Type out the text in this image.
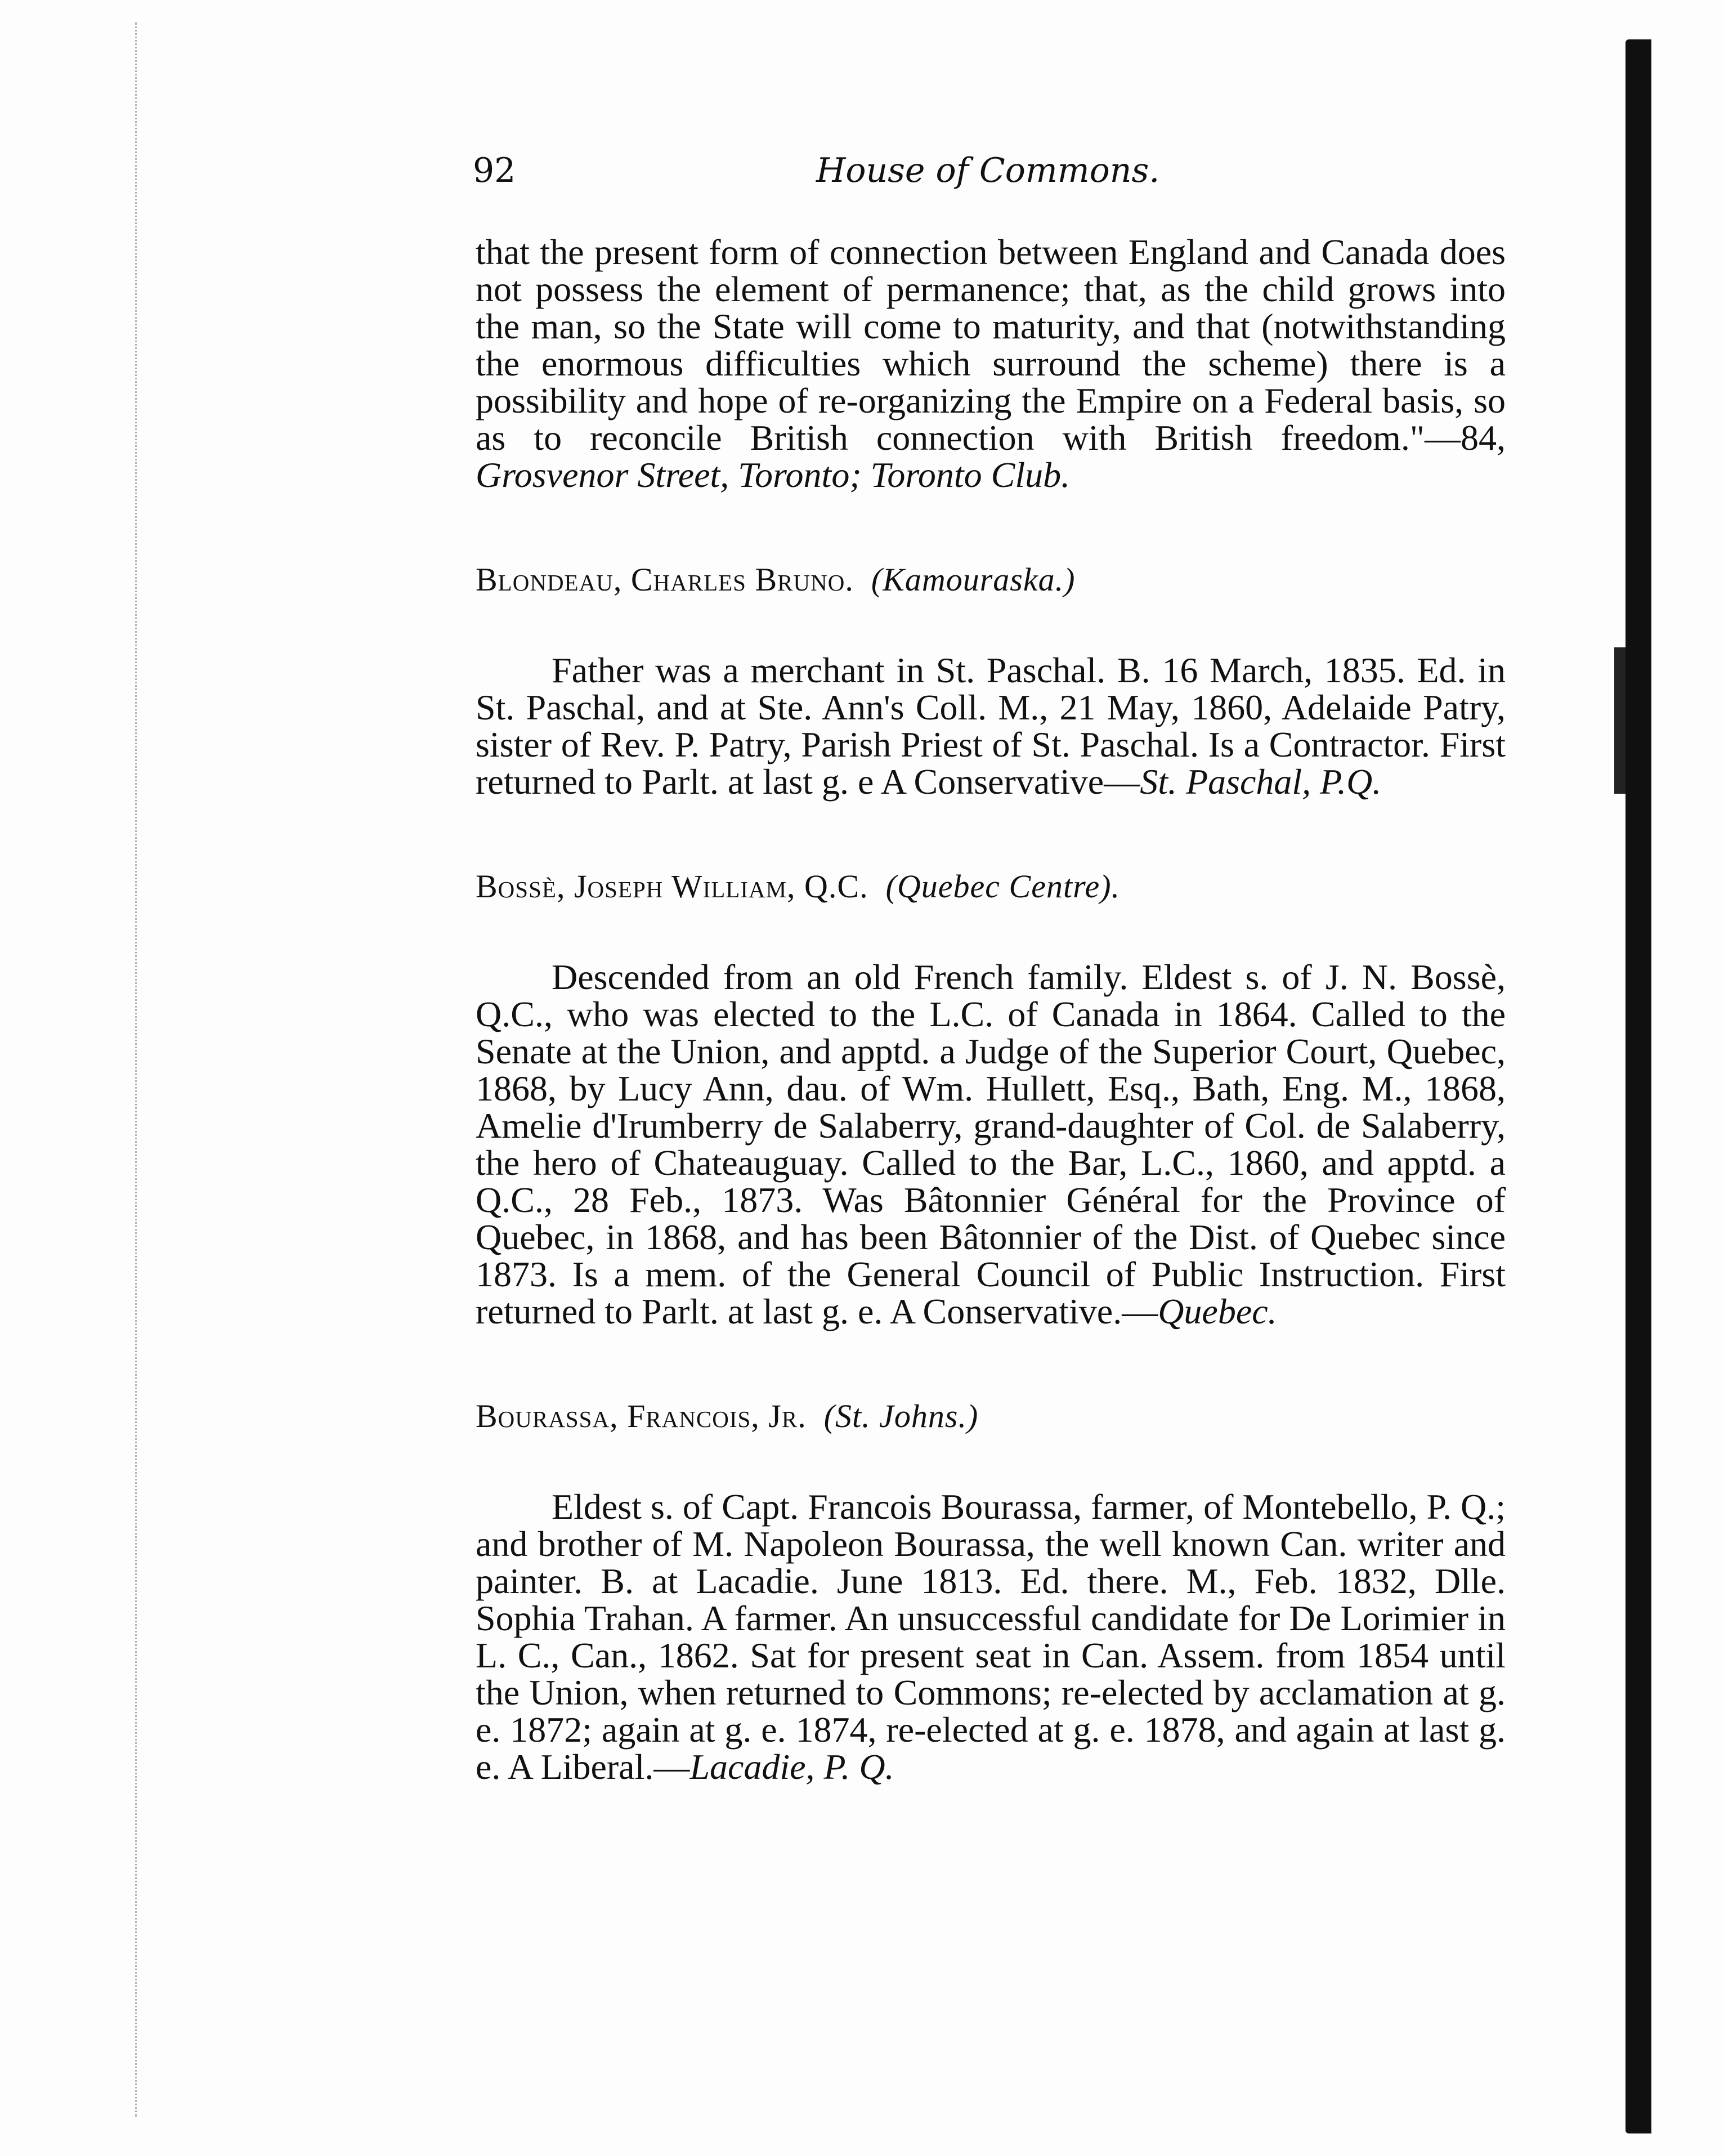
92	House of Commons.

that the present form of connection between England and Canada does not possess the element of permanence; that, as the child grows into the man, so the State will come to maturity, and that (notwithstanding the enormous difficulties which surround the scheme) there is a possibility and hope of re-organizing the Empire on a Federal basis, so as to reconcile British connection with British freedom."—84, Grosvenor Street, Toronto; Toronto Club.

Blondeau, Charles Bruno. (Kamouraska.)

Father was a merchant in St. Paschal. B. 16 March, 1835. Ed. in St. Paschal, and at Ste. Ann's Coll. M., 21 May, 1860, Adelaide Patry, sister of Rev. P. Patry, Parish Priest of St. Paschal. Is a Contractor. First returned to Parlt. at last g. e A Conservative—St. Paschal, P.Q.

Bossè, Joseph William, Q.C. (Quebec Centre).

Descended from an old French family. Eldest s. of J. N. Bossè, Q.C., who was elected to the L.C. of Canada in 1864. Called to the Senate at the Union, and apptd. a Judge of the Superior Court, Quebec, 1868, by Lucy Ann, dau. of Wm. Hullett, Esq., Bath, Eng. M., 1868, Amelie d'Irumberry de Salaberry, grand-daughter of Col. de Salaberry, the hero of Chateauguay. Called to the Bar, L.C., 1860, and apptd. a Q.C., 28 Feb., 1873. Was Bâtonnier Général for the Province of Quebec, in 1868, and has been Bâtonnier of the Dist. of Quebec since 1873. Is a mem. of the General Council of Public Instruction. First returned to Parlt. at last g. e. A Conservative.—Quebec.

Bourassa, Francois, Jr. (St. Johns.)

Eldest s. of Capt. Francois Bourassa, farmer, of Montebello, P. Q.; and brother of M. Napoleon Bourassa, the well known Can. writer and painter. B. at Lacadie. June 1813. Ed. there. M., Feb. 1832, Dlle. Sophia Trahan. A farmer. An unsuccessful candidate for De Lorimier in L. C., Can., 1862. Sat for present seat in Can. Assem. from 1854 until the Union, when returned to Commons; re-elected by acclamation at g. e. 1872; again at g. e. 1874, re-elected at g. e. 1878, and again at last g. e. A Liberal.—Lacadie, P. Q.
